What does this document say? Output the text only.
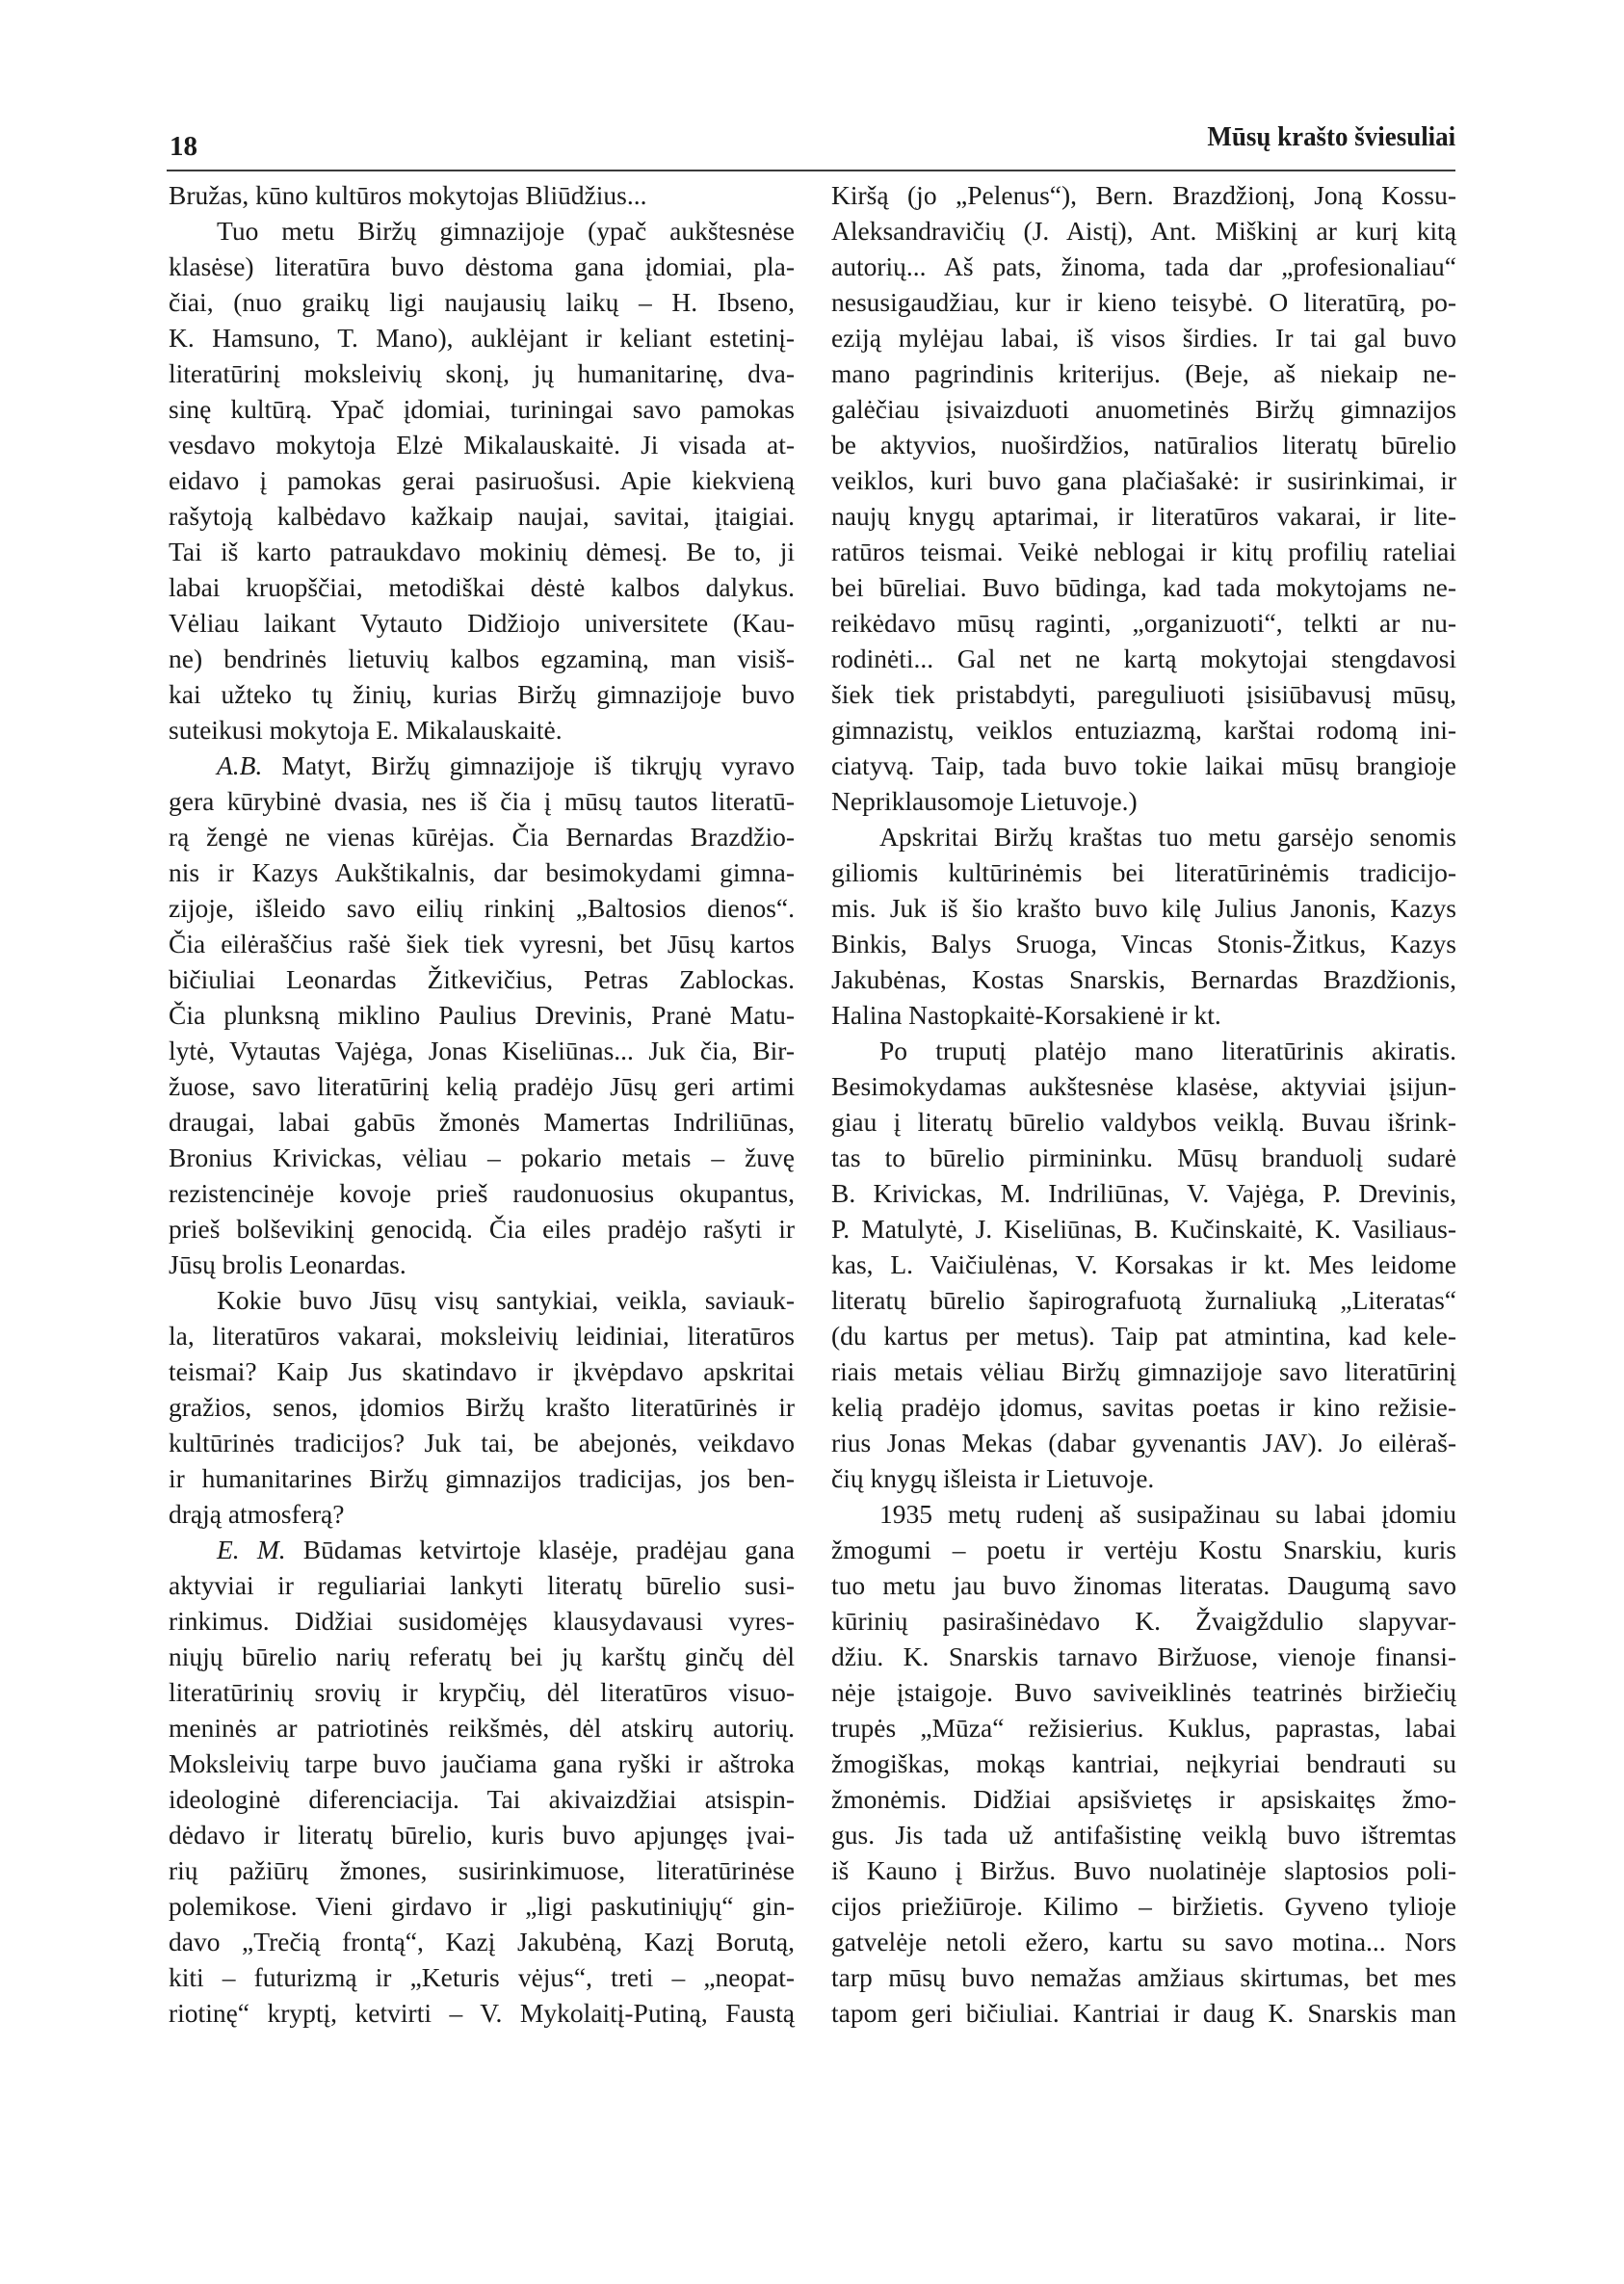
18	Mūsų krašto šviesuliai
Bružas, kūno kultūros mokytojas Bliūdžius...
Tuo metu Biržų gimnazijoje (ypač aukštesnėse
klasėse) literatūra buvo dėstoma gana įdomiai, pla-
čiai, (nuo graikų ligi naujausių laikų – H. Ibseno,
K. Hamsuno, T. Mano), auklėjant ir keliant estetinį-
literatūrinį moksleivių skonį, jų humanitarinę, dva-
sinę kultūrą. Ypač įdomiai, turiningai savo pamokas
vesdavo mokytoja Elzė Mikalauskaitė. Ji visada at-
eidavo į pamokas gerai pasiruošusi. Apie kiekvieną
rašytoją kalbėdavo kažkaip naujai, savitai, įtaigiai.
Tai iš karto patraukdavo mokinių dėmesį. Be to, ji
labai kruopščiai, metodiškai dėstė kalbos dalykus.
Vėliau laikant Vytauto Didžiojo universitete (Kau-
ne) bendrinės lietuvių kalbos egzaminą, man visiš-
kai užteko tų žinių, kurias Biržų gimnazijoje buvo
suteikusi mokytoja E. Mikalauskaitė.
A.B. Matyt, Biržų gimnazijoje iš tikrųjų vyravo
gera kūrybinė dvasia, nes iš čia į mūsų tautos literatū-
rą žengė ne vienas kūrėjas. Čia Bernardas Brazdžio-
nis ir Kazys Aukštikalnis, dar besimokydami gimna-
zijoje, išleido savo eilių rinkinį „Baltosios dienos“.
Čia eilėraščius rašė šiek tiek vyresni, bet Jūsų kartos
bičiuliai Leonardas Žitkevičius, Petras Zablockas.
Čia plunksną miklino Paulius Drevinis, Pranė Matu-
lytė, Vytautas Vajėga, Jonas Kiseliūnas... Juk čia, Bir-
žuose, savo literatūrinį kelią pradėjo Jūsų geri artimi
draugai, labai gabūs žmonės Mamertas Indriliūnas,
Bronius Krivickas, vėliau – pokario metais – žuvę
rezistencinėje kovoje prieš raudonuosius okupantus,
prieš bolševikinį genocidą. Čia eiles pradėjo rašyti ir
Jūsų brolis Leonardas.
Kokie buvo Jūsų visų santykiai, veikla, saviauk-
la, literatūros vakarai, moksleivių leidiniai, literatūros
teismai? Kaip Jus skatindavo ir įkvėpdavo apskritai
gražios, senos, įdomios Biržų krašto literatūrinės ir
kultūrinės tradicijos? Juk tai, be abejonės, veikdavo
ir humanitarines Biržų gimnazijos tradicijas, jos ben-
drąją atmosferą?
E. M. Būdamas ketvirtoje klasėje, pradėjau gana
aktyviai ir reguliariai lankyti literatų būrelio susi-
rinkimus. Didžiai susidomėjęs klausydavausi vyres-
niųjų būrelio narių referatų bei jų karštų ginčų dėl
literatūrinių srovių ir krypčių, dėl literatūros visuo-
meninės ar patriotinės reikšmės, dėl atskirų autorių.
Moksleivių tarpe buvo jaučiama gana ryški ir aštroka
ideologinė diferenciacija. Tai akivaizdžiai atsispin-
dėdavo ir literatų būrelio, kuris buvo apjungęs įvai-
rių pažiūrų žmones, susirinkimuose, literatūrinėse
polemikose. Vieni girdavo ir „ligi paskutiniųjų“ gin-
davo „Trečią frontą“, Kazį Jakubėną, Kazį Borutą,
kiti – futurizmą ir „Keturis vėjus“, treti – „neopat-
riotinę“ kryptį, ketvirti – V. Mykolaitį-Putiną, Faustą
Kiršą (jo „Pelenus“), Bern. Brazdžionį, Joną Kossu-
Aleksandravičių (J. Aistį), Ant. Miškinį ar kurį kitą
autorių... Aš pats, žinoma, tada dar „profesionaliau“
nesusigaudžiau, kur ir kieno teisybė. O literatūrą, po-
eziją mylėjau labai, iš visos širdies. Ir tai gal buvo
mano pagrindinis kriterijus. (Beje, aš niekaip ne-
galėčiau įsivaizduoti anuometinės Biržų gimnazijos
be aktyvios, nuoširdžios, natūralios literatų būrelio
veiklos, kuri buvo gana plačiašakė: ir susirinkimai, ir
naujų knygų aptarimai, ir literatūros vakarai, ir lite-
ratūros teismai. Veikė neblogai ir kitų profilių rateliai
bei būreliai. Buvo būdinga, kad tada mokytojams ne-
reikėdavo mūsų raginti, „organizuoti“, telkti ar nu-
rodinėti... Gal net ne kartą mokytojai stengdavosi
šiek tiek pristabdyti, pareguliuoti įsisiūbavusį mūsų,
gimnazistų, veiklos entuziazmą, karštai rodomą ini-
ciatyvą. Taip, tada buvo tokie laikai mūsų brangioje
Nepriklausomoje Lietuvoje.)
Apskritai Biržų kraštas tuo metu garsėjo senomis
giliomis kultūrinėmis bei literatūrinėmis tradicijo-
mis. Juk iš šio krašto buvo kilę Julius Janonis, Kazys
Binkis, Balys Sruoga, Vincas Stonis-Žitkus, Kazys
Jakubėnas, Kostas Snarskis, Bernardas Brazdžionis,
Halina Nastopkaitė-Korsakienė ir kt.
Po truputį platėjo mano literatūrinis akiratis.
Besimokydamas aukštesnėse klasėse, aktyviai įsijun-
giau į literatų būrelio valdybos veiklą. Buvau išrink-
tas to būrelio pirmininku. Mūsų branduolį sudarė
B. Krivickas, M. Indriliūnas, V. Vajėga, P. Drevinis,
P. Matulytė, J. Kiseliūnas, B. Kučinskaitė, K. Vasiliaus-
kas, L. Vaičiulėnas, V. Korsakas ir kt. Mes leidome
literatų būrelio šapirografuotą žurnaliuką „Literatas“
(du kartus per metus). Taip pat atmintina, kad kele-
riais metais vėliau Biržų gimnazijoje savo literatūrinį
kelią pradėjo įdomus, savitas poetas ir kino režisie-
rius Jonas Mekas (dabar gyvenantis JAV). Jo eilėraš-
čių knygų išleista ir Lietuvoje.
1935 metų rudenį aš susipažinau su labai įdomiu
žmogumi – poetu ir vertėju Kostu Snarskiu, kuris
tuo metu jau buvo žinomas literatas. Daugumą savo
kūrinių pasirašinėdavo K. Žvaigždulio slapyvar-
džiu. K. Snarskis tarnavo Biržuose, vienoje finansi-
nėje įstaigoje. Buvo saviveiklinės teatrinės biržiečių
trupės „Mūza“ režisierius. Kuklus, paprastas, labai
žmogiškas, mokąs kantriai, neįkyriai bendrauti su
žmonėmis. Didžiai apsišvietęs ir apsiskaitęs žmo-
gus. Jis tada už antifašistinę veiklą buvo ištremtas
iš Kauno į Biržus. Buvo nuolatinėje slaptosios poli-
cijos priežiūroje. Kilimo – biržietis. Gyveno tylioje
gatvelėje netoli ežero, kartu su savo motina... Nors
tarp mūsų buvo nemažas amžiaus skirtumas, bet mes
tapom geri bičiuliai. Kantriai ir daug K. Snarskis man
